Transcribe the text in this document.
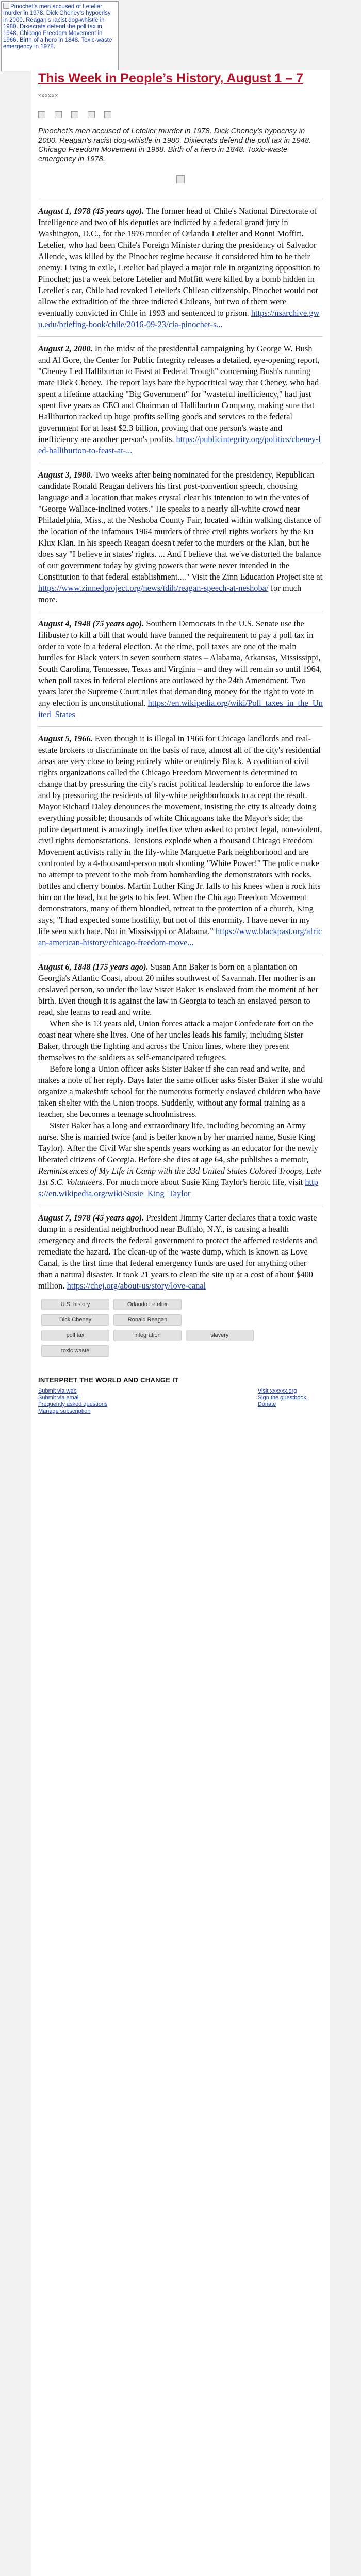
Pinochet's men accused of Letelier murder in 1978. Dick Cheney's hypocrisy in 2000. Reagan's racist dog-whistle in 1980. Dixiecrats defend the poll tax in 1948. Chicago Freedom Movement in 1966. Birth of a hero in 1848. Toxic-waste emergency in 1978.
This Week in People’s History, August 1 – 7
xxxxxx
Pinochet's men accused of Letelier murder in 1978. Dick Cheney's hypocrisy in 2000. Reagan's racist dog-whistle in 1980. Dixiecrats defend the poll tax in 1948. Chicago Freedom Movement in 1968. Birth of a hero in 1848. Toxic-waste emergency in 1978.

August 1, 1978 (45 years ago). The former head of Chile's National Directorate of Intelligence and two of his deputies are indicted by a federal grand jury in Washington, D.C., for the 1976 murder of Orlando Letelier and Ronni Moffitt. Letelier, who had been Chile's Foreign Minister during the presidency of Salvador Allende, was killed by the Pinochet regime because it considered him to be their enemy. Living in exile, Letelier had played a major role in organizing opposition to Pinochet; just a week before Letelier and Moffitt were killed by a bomb hidden in Letelier's car, Chile had revoked Letelier's Chilean citizenship. Pinochet would not allow the extradition of the three indicted Chileans, but two of them were eventually convicted in Chile in 1993 and sentenced to prison. https://nsarchive.gwu.edu/briefing-book/chile/2016-09-23/cia-pinochet-s...

August 2, 2000. In the midst of the presidential campaigning by George W. Bush and Al Gore, the Center for Public Integrity releases a detailed, eye-opening report, "Cheney Led Halliburton to Feast at Federal Trough" concerning Bush's running mate Dick Cheney. The report lays bare the hypocritical way that Cheney, who had spent a lifetime attacking "Big Government" for "wasteful inefficiency," had just spent five years as CEO and Chairman of Halliburton Company, making sure that Halliburton racked up huge profits selling goods and services to the federal government for at least $2.3 billion, proving that one person's waste and inefficiency are another person's profits. https://publicintegrity.org/politics/cheney-led-halliburton-to-feast-at-...

August 3, 1980. Two weeks after being nominated for the presidency, Republican candidate Ronald Reagan delivers his first post-convention speech, choosing language and a location that makes crystal clear his intention to win the votes of "George Wallace-inclined voters." He speaks to a nearly all-white crowd near Philadelphia, Miss., at the Neshoba County Fair, located within walking distance of the location of the infamous 1964 murders of three civil rights workers by the Ku Klux Klan. In his speech Reagan doesn't refer to the murders or the Klan, but he does say "I believe in states' rights. ... And I believe that we've distorted the balance of our government today by giving powers that were never intended in the Constitution to that federal establishment...." Visit the Zinn Education Project site at https://www.zinnedproject.org/news/tdih/reagan-speech-at-neshoba/ for much more.

August 4, 1948 (75 years ago). Southern Democrats in the U.S. Senate use the filibuster to kill a bill that would have banned the requirement to pay a poll tax in order to vote in a federal election. At the time, poll taxes are one of the main hurdles for Black voters in seven southern states – Alabama, Arkansas, Mississippi, South Carolina, Tennessee, Texas and Virginia – and they will remain so until 1964, when poll taxes in federal elections are outlawed by the 24th Amendment. Two years later the Supreme Court rules that demanding money for the right to vote in any election is unconstitutional. https://en.wikipedia.org/wiki/Poll_taxes_in_the_United_States

August 5, 1966. Even though it is illegal in 1966 for Chicago landlords and real-estate brokers to discriminate on the basis of race, almost all of the city's residential areas are very close to being entirely white or entirely Black. A coalition of civil rights organizations called the Chicago Freedom Movement is determined to change that by pressuring the city's racist political leadership to enforce the laws and by pressuring the residents of lily-white neighborhoods to accept the result. Mayor Richard Daley denounces the movement, insisting the city is already doing everything possible; thousands of white Chicagoans take the Mayor's side; the police department is amazingly ineffective when asked to protect legal, non-violent, civil rights demonstrations. Tensions explode when a thousand Chicago Freedom Movement activists rally in the lily-white Marquette Park neighborhood and are confronted by a 4-thousand-person mob shouting "White Power!" The police make no attempt to prevent to the mob from bombarding the demonstrators with rocks, bottles and cherry bombs. Martin Luther King Jr. falls to his knees when a rock hits him on the head, but he gets to his feet. When the Chicago Freedom Movement demonstrators, many of them bloodied, retreat to the protection of a church, King says, "I had expected some hostility, but not of this enormity. I have never in my life seen such hate. Not in Mississippi or Alabama." https://www.blackpast.org/african-american-history/chicago-freedom-move...

August 6, 1848 (175 years ago). Susan Ann Baker is born on a plantation on Georgia's Atlantic Coast, about 20 miles southwest of Savannah. Her mother is an enslaved person, so under the law Sister Baker is enslaved from the moment of her birth. Even though it is against the law in Georgia to teach an enslaved person to read, she learns to read and write.

When she is 13 years old, Union forces attack a major Confederate fort on the coast near where she lives. One of her uncles leads his family, including Sister Baker, through the fighting and across the Union lines, where they present themselves to the soldiers as self-emancipated refugees.

Before long a Union officer asks Sister Baker if she can read and write, and makes a note of her reply. Days later the same officer asks Sister Baker if she would organize a makeshift school for the numerous formerly enslaved children who have taken shelter with the Union troops. Suddenly, without any formal training as a teacher, she becomes a teenage schoolmistress.

Sister Baker has a long and extraordinary life, including becoming an Army nurse. She is married twice (and is better known by her married name, Susie King Taylor). After the Civil War she spends years working as an educator for the newly liberated citizens of Georgia. Before she dies at age 64, she publishes a memoir, Reminiscences of My Life in Camp with the 33d United States Colored Troops, Late 1st S.C. Volunteers. For much more about Susie King Taylor's heroic life, visit https://en.wikipedia.org/wiki/Susie_King_Taylor

August 7, 1978 (45 years ago). President Jimmy Carter declares that a toxic waste dump in a residential neighborhood near Buffalo, N.Y., is causing a health emergency and directs the federal government to protect the affected residents and remediate the hazard. The clean-up of the waste dump, which is known as Love Canal, is the first time that federal emergency funds are used for anything other than a natural disaster. It took 21 years to clean the site up at a cost of about $400 million. https://chej.org/about-us/story/love-canal

U.S. history	Orlando Letelier
Dick Cheney	Ronald Reagan
poll tax	integration	slavery
toxic waste
INTERPRET THE WORLD AND CHANGE IT
Submit via web
Submit via email
Frequently asked questions
Manage subscription
Visit xxxxxx.org
Sign the guestbook
Donate
